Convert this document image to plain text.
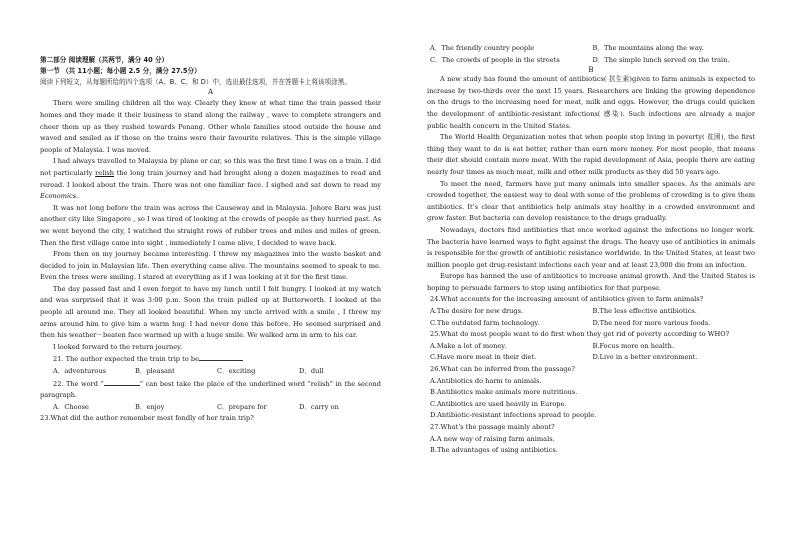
第二部分 阅读理解（共两节，满分 40 分）

第一节 （共 11小题；每小题 2.5 分，满分 27.5分）

阅读下列短文，从每题所给的四个选项（A、B、C、和 D）中，选出最佳选项，并在答题卡上将该项涂黑。

A

There were smiling children all the way. Clearly they knew at what time the train passed their homes and they made it their business to stand along the railway , wave to complete strangers and cheer them up as they rushed towards Penang. Other whole families stood outside the house and waved and smiled as if those on the trains were their favourite relatives. This is the simple village people of Malaysia. I was moved.

I had always travelled to Malaysia by plane or car, so this was the first time I was on a train. I did not particularly relish the long train journey and had brought along a dozen magazines to read and reread. I looked about the train. There was not one familiar face. I sighed and sat down to read my Economics.

It was not long before the train was across the Causeway and in Malaysia. Johore Baru was just another city like Singapore , so I was tired of looking at the crowds of people as they hurried past. As we went beyond the city, I watched the straight rows of rubber trees and miles and miles of green. Then the first village came into sight , immediately I came alive, I decided to wave back.

From then on my journey became interesting. I threw my magazines into the waste basket and decided to join in Malaysian life. Then everything came alive. The mountains seemed to speak to me. Even the trees were smiling. I stared at everything as if I was looking at it for the first time.

The day passed fast and I even forgot to have my lunch until I felt hungry. I looked at my watch and was surprised that it was 3:00 p.m. Soon the train pulled up at Butterworth. I looked at the people all around me. They all looked beautiful. When my uncle arrived with a smile , I threw my arms around him to give him a warm hug. I had never done this before. He seemed surprised and then his weather－beaten face warmed up with a huge smile. We walked arm in arm to his car.

I looked forward to the return journey.

21. The author expected the train trip to be

A．adventurous	B．pleasant	C．exciting	D．dull

22. The word “	” can best take the place of the underlined word “relish” in the second paragraph.

A．Choose	B．enjoy	C．prepare for	D．carry on

23.What did the author remember most fondly of her train trip?

A．The friendly country people	B．The mountains along the way.
C．The crowds of people in the streets	D．The simple lunch served on the train.

B

A new study has found the amount of antibiotics( 抗生素)given to farm animals is expected to increase by two-thirds over the next 15 years. Researchers are linking the growing dependence on the drugs to the increasing need for meat, milk and eggs. However, the drugs could quicken the development of antibiotic-resistant infections( 感染). Such infections are already a major public health concern in the United States.

The World Health Organization notes that when people stop living in poverty( 贫困), the first thing they want to do is eat better, rather than earn more money. For most people, that means their diet should contain more meat. With the rapid development of Asia, people there are eating nearly four times as much meat, milk and other milk products as they did 50 years ago.

To meet the need, farmers have put many animals into smaller spaces. As the animals are crowded together, the easiest way to deal with some of the problems of crowding is to give them antibiotics. It’s clear that antibiotics help animals stay healthy in a crowded environment and grow faster. But bacteria can develop resistance to the drugs gradually.

Nowadays, doctors find antibiotics that once worked against the infections no longer work. The bacteria have learned ways to fight against the drugs. The heavy use of antibiotics in animals is responsible for the growth of antibiotic resistance worldwide. In the United States, at least two million people get drug-resistant infections each year and at least 23,000 die from an infection.

Europe has banned the use of antibiotics to increase animal growth. And the United States is hoping to persuade farmers to stop using antibiotics for that purpose.

24.What accounts for the increasing amount of antibiotics given to farm animals?

A.The desire for new drugs.	B.The less effective antibiotics.
C.The outdated farm technology.	D.The need for more various foods.

25.What do most people want to do first when they get rid of poverty according to WHO?

A.Make a lot of money.	B.Focus more on health.
C.Have more meat in their diet.	D.Live in a better environment.

26.What can be inferred from the passage?

A.Antibiotics do harm to animals.

B.Antibiotics make animals more nutritious.

C.Antibiotics are used heavily in Europe.

D.Antibiotic-resistant infections spread to people.

27.What’s the passage mainly about?

A.A new way of raising farm animals.

B.The advantages of using antibiotics.
